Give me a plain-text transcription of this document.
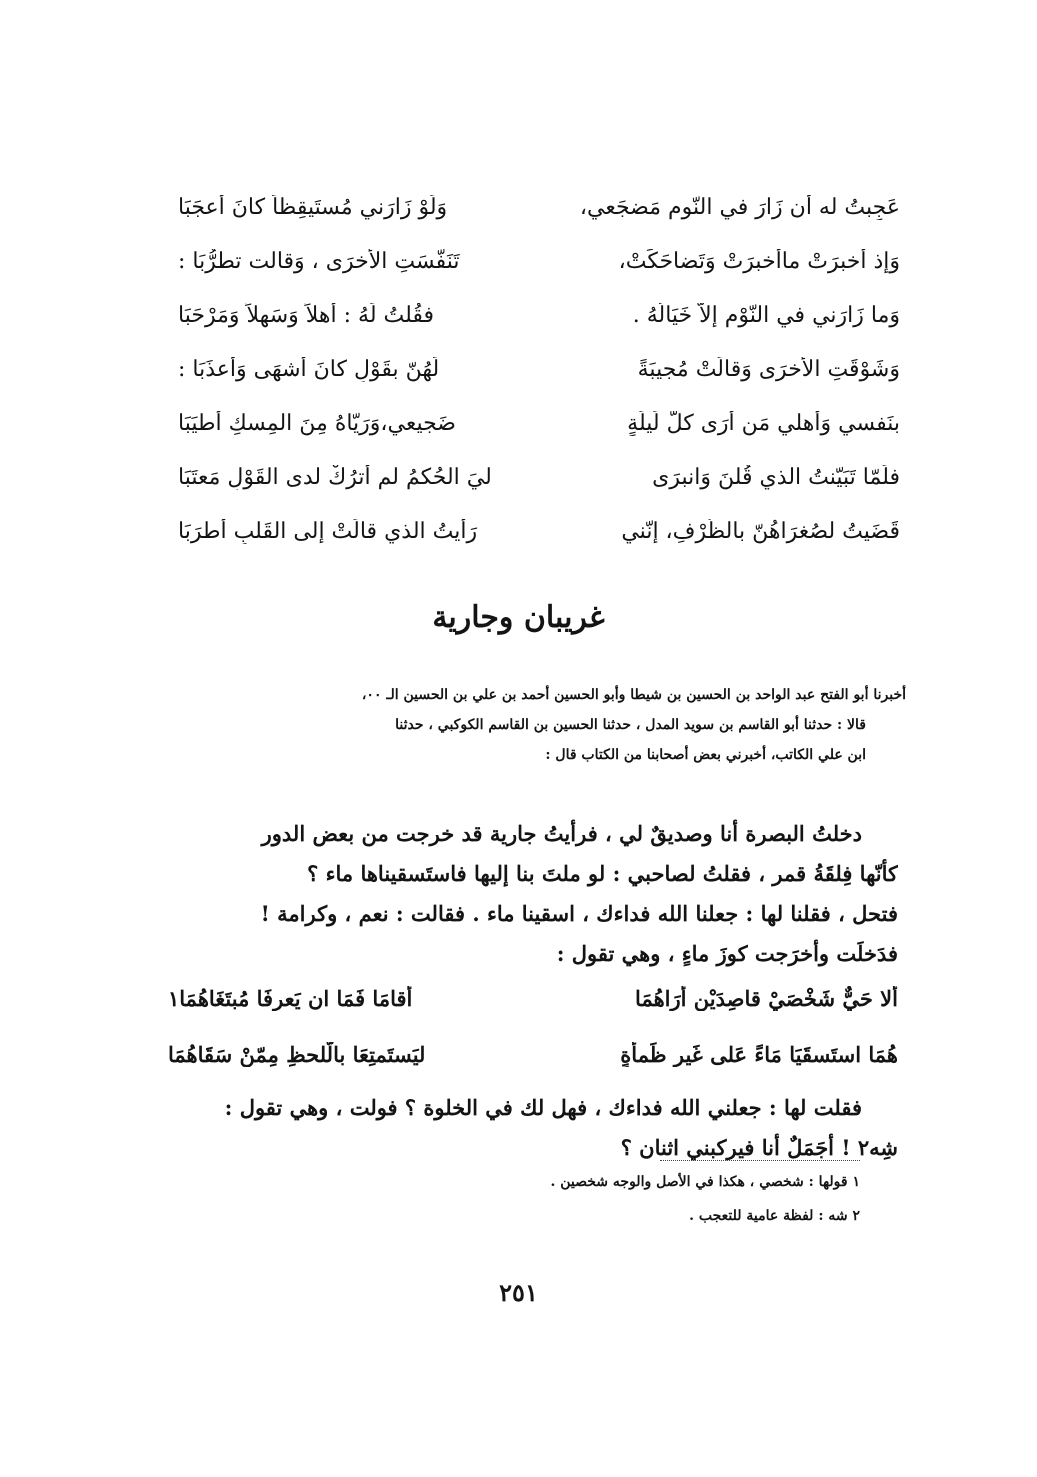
عَجِبتُ له أن زَارَ في النّومِ مَضجَعي،
وَلَوْ زَارَني مُستَيقِظاً كانَ أعجَبَا
وَإذ أخبرَتْ ماأخبرَتْ وَتَضاحَكَتْ،
تَنَفّسَتِ الأخرَى ، وَقالت تطرُّبَا :
وَما زَارَني في النّوْمِ إلاّ خَيَالُهُ .
فقُلتُ لَهُ : أهلاً وَسَهلاً وَمَرْحَبَا
وَشَوْقَتِ الأخرَى وَقالَتْ مُجيبَةً
لَهُنّ بقَوْلٍ كانَ أشهَى وَأعذَبَا :
بنَفسي وَأهلي مَن أرَى كلّ لَيلَةٍ
ضَجيعي،وَرَيّاهُ مِنَ المِسكِ أطيَبَا
فلَمّا تَبَيّنتُ الذي قُلنَ وَانبرَى
ليَ الحُكمُ لم أترُكْ لدى القَوْلِ مَعتَبَا
قَضَيتُ لصُغرَاهُنّ بالظّرْفِ، إنّني
رَأيتُ الذي قالَتْ إلى القَلبِ أطرَبَا
غريبان وجارية
أخبرنا أبو الفتح عبد الواحد بن الحسين بن شيطا وأبو الحسين أحمد بن علي بن الحسين الـ ٠٠،
قالا : حدثنا أبو القاسم بن سويد المدل ، حدثنا الحسين بن القاسم الكوكبي ، حدثنا
ابن علي الكاتب، أخبرني بعض أصحابنا من الكتاب قال :
دخلتُ البصرة أنا وصديقٌ لي ، فرأيتُ جارية قد خرجت من بعض الدور
كأنّها فِلقَةُ قمر ، فقلتُ لصاحبي : لو ملتَ بنا إليها فاستَسقيناها ماء ؟
فتحل ، فقلنا لها : جعلنا الله فداءك ، اسقينا ماء . فقالت : نعم ، وكرامة !
فدَخلَت وأخرَجت كوزَ ماءٍ ، وهي تقول :
ألا حَيٌّ شَخْصَيْ قاصِدَيْنِ أرَاهُمَا
أقامَا فَمَا ان يَعرِفَا مُبتَغَاهُمَا١
هُمَا استَسقَيَا مَاءً عَلى غَيرِ ظَمأةٍ
ليَستَمتِعَا بالّلحظِ مِمّنْ سَقَاهُمَا
فقلت لها : جعلني الله فداءك ، فهل لك في الخلوة ؟ فولت ، وهي تقول :
شِه٢ ! أجَمَلٌ أنا فيركبني اثنان ؟
١ قولها : شخصي ، هكذا في الأصل والوجه شخصين .
٢ شه : لفظة عامية للتعجب .
٢٥١
